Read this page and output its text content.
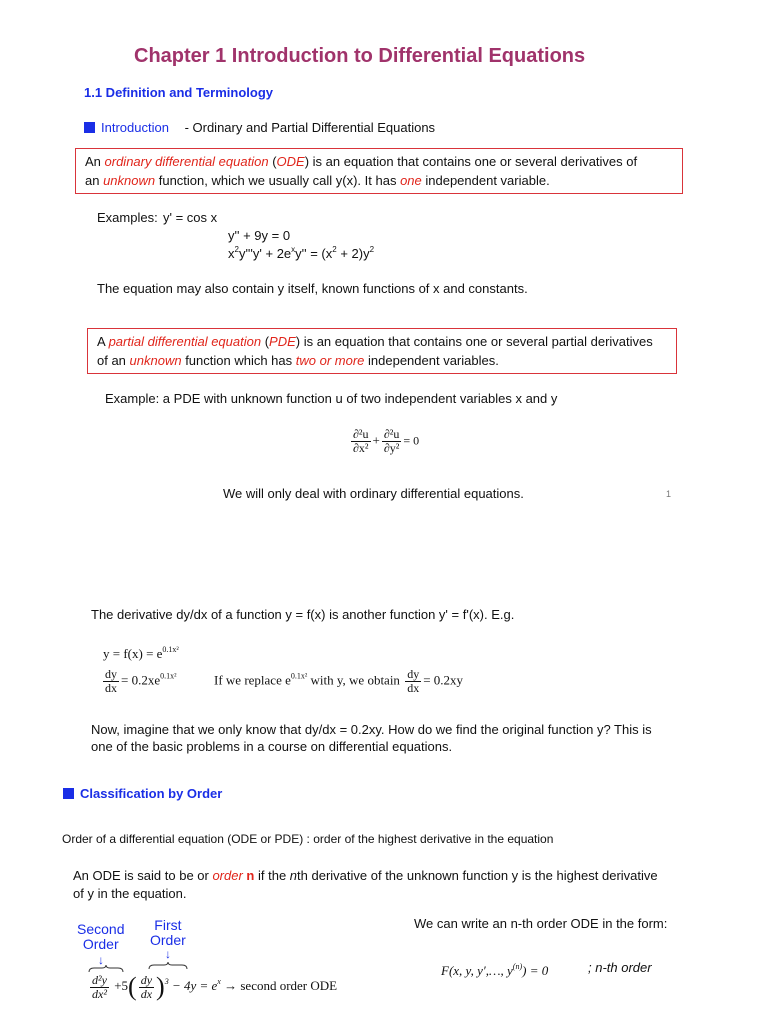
Chapter 1 Introduction to Differential Equations
1.1 Definition and Terminology
Introduction - Ordinary and Partial Differential Equations
An ordinary differential equation (ODE) is an equation that contains one or several derivatives of
an unknown function, which we usually call y(x). It has one independent variable.
Examples: y' = cos x
y'' + 9y = 0
$x^2y'''y' + 2e^xy'' = (x^2 + 2)y^2$
The equation may also contain y itself, known functions of x and constants.
A partial differential equation (PDE) is an equation that contains one or several partial derivatives
of an unknown function which has two or more independent variables.
Example: a PDE with unknown function u of two independent variables x and y
$\frac{\text{∂²u}}{\text{∂x²}} + \frac{\text{∂²u}}{\text{∂y²}} = 0$
We will only deal with ordinary differential equations.	1
The derivative dy/dx of a function y = f(x) is another function y' = f'(x). E.g.
$y = f(x) = e^{0.1x^2}$
$\frac{dy}{dx} = 0.2xe^{0.1x^2}$	If we replace $e^{0.1x^2}$ with y, we obtain $\frac{dy}{dx} = 0.2xy$
Now, imagine that we only know that dy/dx = 0.2xy. How do we find the original function y? This is
one of the basic problems in a course on differential equations.
Classification by Order
Order of a differential equation (ODE or PDE) : order of the highest derivative in the equation
An ODE is said to be or order n if the nth derivative of the unknown function y is the highest derivative
of y in the equation.
Second
Order
↓
First
Order
↓
$\frac{\text{d²y}}{\text{dx²}} +5( \frac{dy}{dx} )^3 - 4y = e^x$ → second order ODE
We can write an n-th order ODE in the form:
F(x, y, y′,…, $y^{(n)}) = 0$	; n-th order
